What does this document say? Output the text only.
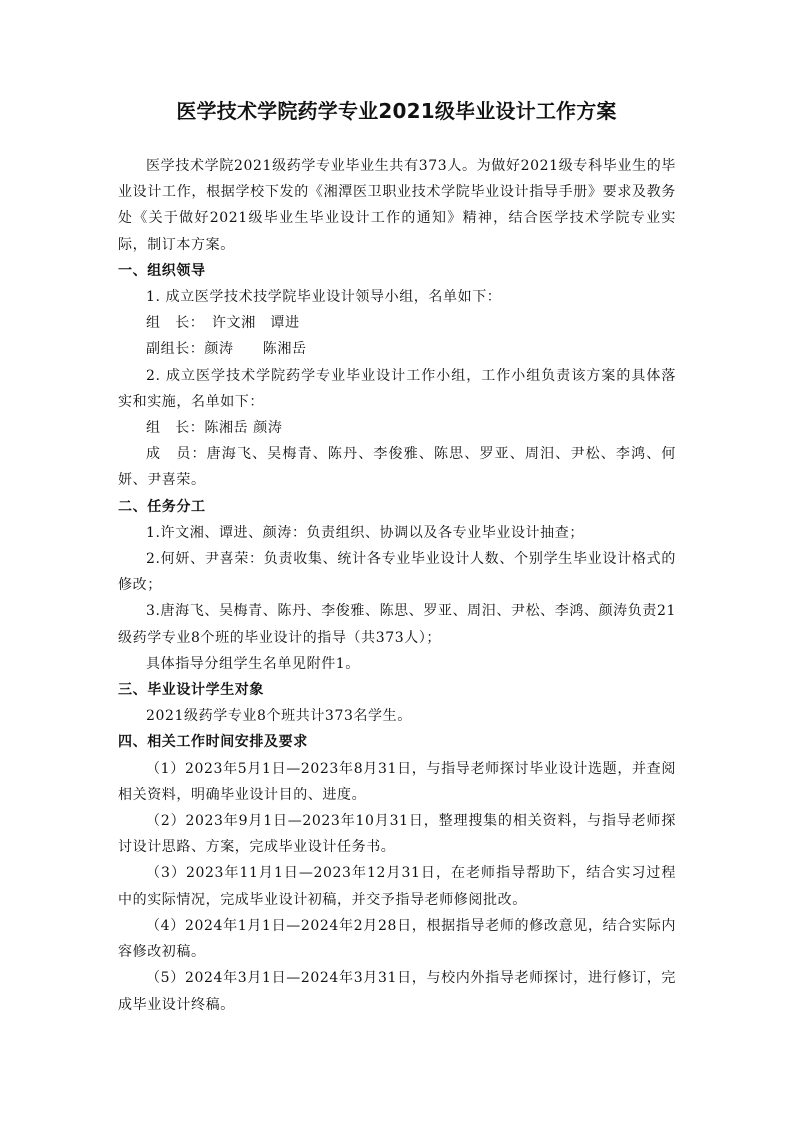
医学技术学院药学专业2021级毕业设计工作方案

医学技术学院2021级药学专业毕业生共有373人。为做好2021级专科毕业生的毕业设计工作，根据学校下发的《湘潭医卫职业技术学院毕业设计指导手册》要求及教务处《关于做好2021级毕业生毕业设计工作的通知》精神，结合医学技术学院专业实际，制订本方案。

一、组织领导

1. 成立医学技术技学院毕业设计领导小组，名单如下：

组　长：　许文湘　谭进

副组长：颜涛　　陈湘岳

2. 成立医学技术学院药学专业毕业设计工作小组，工作小组负责该方案的具体落实和实施，名单如下：

组　长：陈湘岳 颜涛

成　员：唐海飞、吴梅青、陈丹、李俊雅、陈思、罗亚、周汨、尹松、李鸿、何妍、尹喜荣。

二、任务分工

1.许文湘、谭进、颜涛：负责组织、协调以及各专业毕业设计抽查；

2.何妍、尹喜荣：负责收集、统计各专业毕业设计人数、个别学生毕业设计格式的修改；

3.唐海飞、吴梅青、陈丹、李俊雅、陈思、罗亚、周汨、尹松、李鸿、颜涛负责21级药学专业8个班的毕业设计的指导（共373人）；

具体指导分组学生名单见附件1。

三、毕业设计学生对象

2021级药学专业8个班共计373名学生。

四、相关工作时间安排及要求

（1）2023年5月1日—2023年8月31日，与指导老师探讨毕业设计选题，并查阅相关资料，明确毕业设计目的、进度。

（2）2023年9月1日—2023年10月31日，整理搜集的相关资料，与指导老师探讨设计思路、方案，完成毕业设计任务书。

（3）2023年11月1日—2023年12月31日，在老师指导帮助下，结合实习过程中的实际情况，完成毕业设计初稿，并交予指导老师修阅批改。

（4）2024年1月1日—2024年2月28日，根据指导老师的修改意见，结合实际内容修改初稿。

（5）2024年3月1日—2024年3月31日，与校内外指导老师探讨，进行修订，完成毕业设计终稿。
